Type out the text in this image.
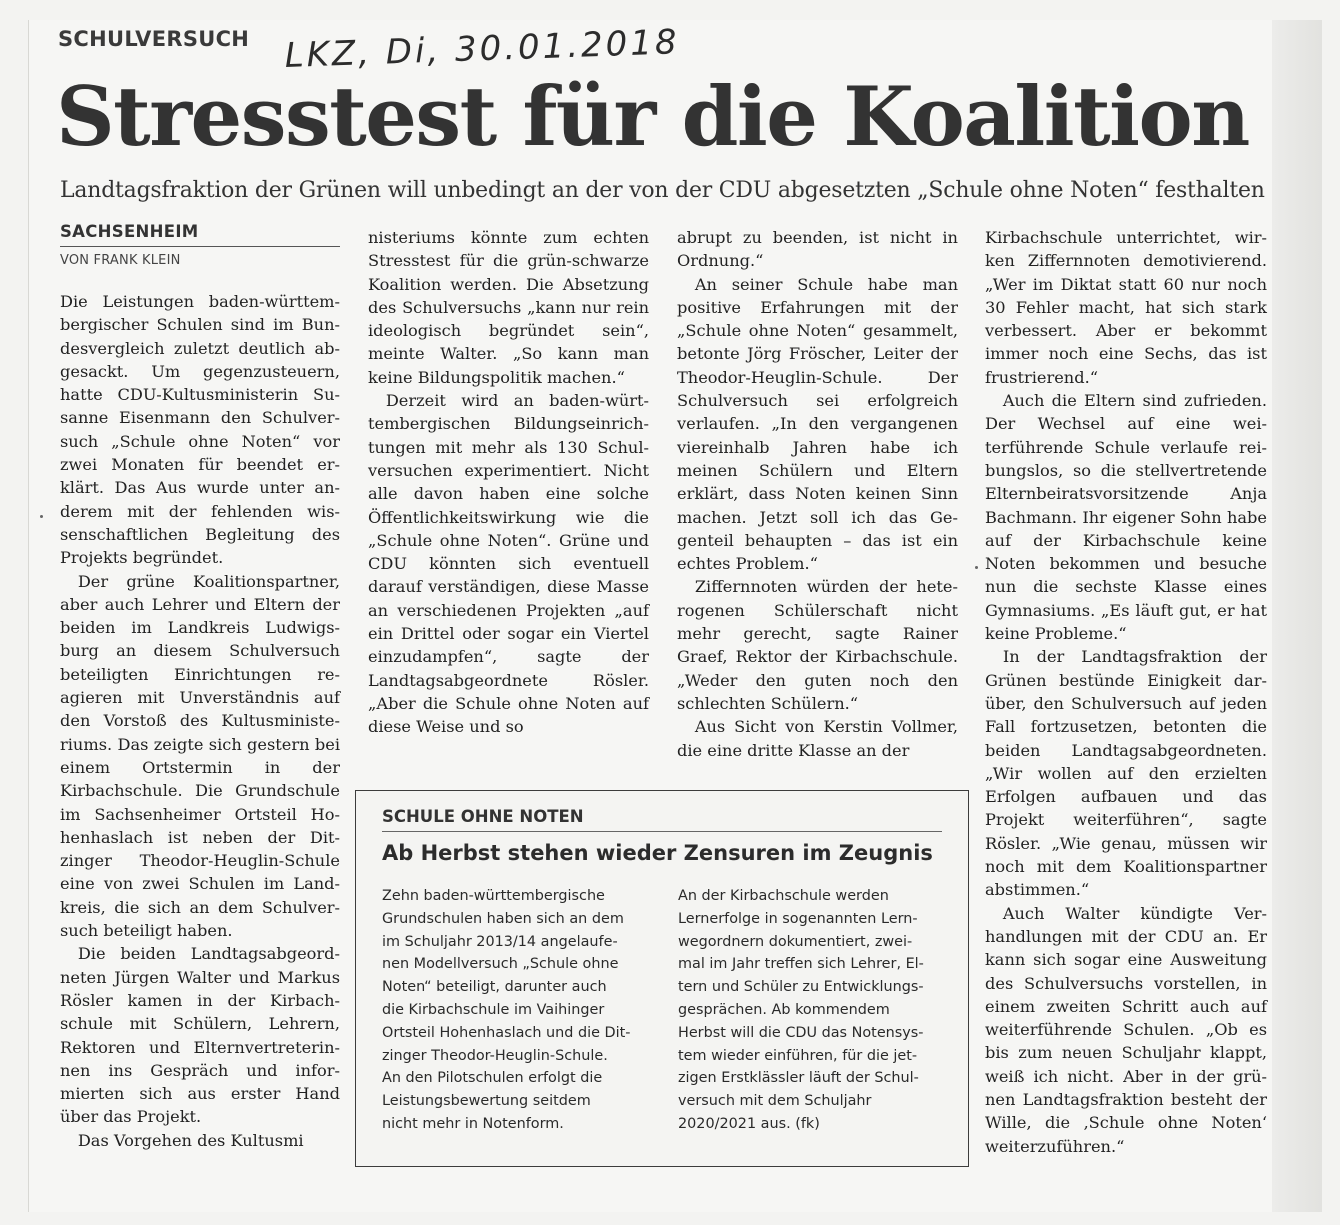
SCHULVERSUCH LKZ, Di, 30.01.2018
Stresstest für die Koalition
Landtagsfraktion der Grünen will unbedingt an der von der CDU abgesetzten „Schule ohne Noten“ festhalten
SACHSENHEIM
VON FRANK KLEIN

Die Leistungen baden-württembergischer Schulen sind im Bundesvergleich zuletzt deutlich abgesackt. Um gegenzusteuern, hatte CDU-Kultusministerin Susanne Eisenmann den Schulversuch „Schule ohne Noten“ vor zwei Monaten für beendet erklärt. Das Aus wurde unter anderem mit der fehlenden wissenschaftlichen Begleitung des Projekts begründet.

Der grüne Koalitionspartner, aber auch Lehrer und Eltern der beiden im Landkreis Ludwigsburg an diesem Schulversuch beteiligten Einrichtungen reagieren mit Unverständnis auf den Vorstoß des Kultusministeriums. Das zeigte sich gestern bei einem Ortstermin in der Kirbachschule. Die Grundschule im Sachsenheimer Ortsteil Hohenhaslach ist neben der Ditzinger Theodor-Heuglin-Schule eine von zwei Schulen im Landkreis, die sich an dem Schulversuch beteiligt haben.

Die beiden Landtagsabgeordneten Jürgen Walter und Markus Rösler kamen in der Kirbachschule mit Schülern, Lehrern, Rektoren und Elternvertreterinnen ins Gespräch und informierten sich aus erster Hand über das Projekt.

Das Vorgehen des Kultusmi

nisteriums könnte zum echten Stresstest für die grün-schwarze Koalition werden. Die Absetzung des Schulversuchs „kann nur rein ideologisch begründet sein“, meinte Walter. „So kann man keine Bildungspolitik machen.“

Derzeit wird an baden-württembergischen Bildungseinrichtungen mit mehr als 130 Schulversuchen experimentiert. Nicht alle davon haben eine solche Öffentlichkeitswirkung wie die „Schule ohne Noten“. Grüne und CDU könnten sich eventuell darauf verständigen, diese Masse an verschiedenen Projekten „auf ein Drittel oder sogar ein Viertel einzudampfen“, sagte der Landtagsabgeordnete Rösler. „Aber die Schule ohne Noten auf diese Weise und so

abrupt zu beenden, ist nicht in Ordnung.“

An seiner Schule habe man positive Erfahrungen mit der „Schule ohne Noten“ gesammelt, betonte Jörg Fröscher, Leiter der Theodor-Heuglin-Schule. Der Schulversuch sei erfolgreich verlaufen. „In den vergangenen viereinhalb Jahren habe ich meinen Schülern und Eltern erklärt, dass Noten keinen Sinn machen. Jetzt soll ich das Gegenteil behaupten – das ist ein echtes Problem.“

Ziffernnoten würden der heterogenen Schülerschaft nicht mehr gerecht, sagte Rainer Graef, Rektor der Kirbachschule. „Weder den guten noch den schlechten Schülern.“

Aus Sicht von Kerstin Vollmer, die eine dritte Klasse an der

Kirbachschule unterrichtet, wirken Ziffernnoten demotivierend. „Wer im Diktat statt 60 nur noch 30 Fehler macht, hat sich stark verbessert. Aber er bekommt immer noch eine Sechs, das ist frustrierend.“

Auch die Eltern sind zufrieden. Der Wechsel auf eine weiterführende Schule verlaufe reibungslos, so die stellvertretende Elternbeiratsvorsitzende Anja Bachmann. Ihr eigener Sohn habe auf der Kirbachschule keine Noten bekommen und besuche nun die sechste Klasse eines Gymnasiums. „Es läuft gut, er hat keine Probleme.“

In der Landtagsfraktion der Grünen bestünde Einigkeit darüber, den Schulversuch auf jeden Fall fortzusetzen, betonten die beiden Landtagsabgeordneten. „Wir wollen auf den erzielten Erfolgen aufbauen und das Projekt weiterführen“, sagte Rösler. „Wie genau, müssen wir noch mit dem Koalitionspartner abstimmen.“

Auch Walter kündigte Verhandlungen mit der CDU an. Er kann sich sogar eine Ausweitung des Schulversuchs vorstellen, in einem zweiten Schritt auch auf weiterführende Schulen. „Ob es bis zum neuen Schuljahr klappt, weiß ich nicht. Aber in der grünen Landtagsfraktion besteht der Wille, die ‚Schule ohne Noten‘ weiterzuführen.“

SCHULE OHNE NOTEN
Ab Herbst stehen wieder Zensuren im Zeugnis
Zehn baden-württembergische
Grundschulen haben sich an dem
im Schuljahr 2013/14 angelaufe-
nen Modellversuch „Schule ohne
Noten“ beteiligt, darunter auch
die Kirbachschule im Vaihinger
Ortsteil Hohenhaslach und die Dit-
zinger Theodor-Heuglin-Schule.
An den Pilotschulen erfolgt die
Leistungsbewertung seitdem
nicht mehr in Notenform.
An der Kirbachschule werden
Lernerfolge in sogenannten Lern-
wegordnern dokumentiert, zwei-
mal im Jahr treffen sich Lehrer, El-
tern und Schüler zu Entwicklungs-
gesprächen. Ab kommendem
Herbst will die CDU das Notensys-
tem wieder einführen, für die jet-
zigen Erstklässler läuft der Schul-
versuch mit dem Schuljahr
2020/2021 aus. (fk)
